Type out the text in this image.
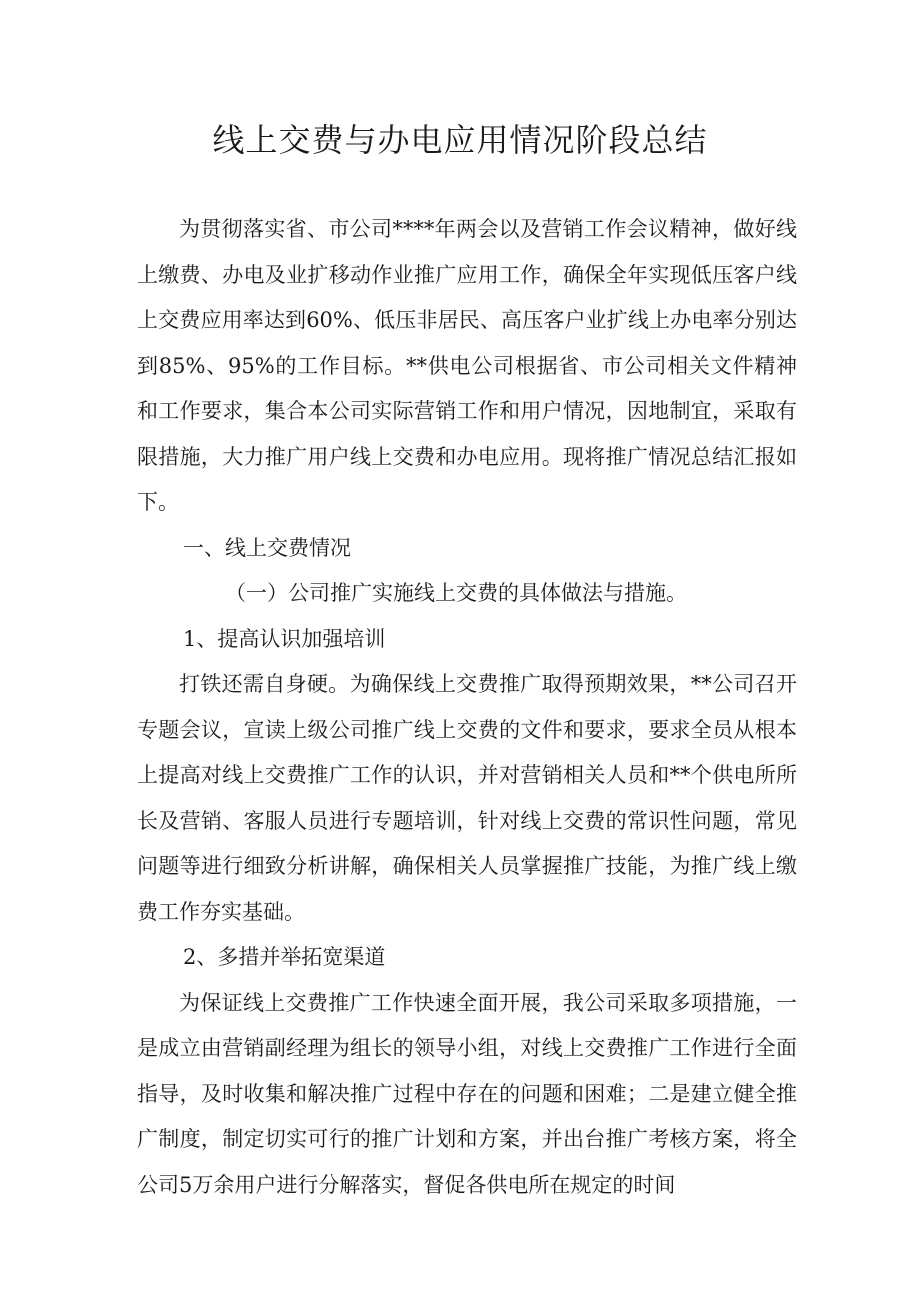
线上交费与办电应用情况阶段总结

为贯彻落实省、市公司****年两会以及营销工作会议精神，做好线上缴费、办电及业扩移动作业推广应用工作，确保全年实现低压客户线上交费应用率达到60%、低压非居民、高压客户业扩线上办电率分别达到85%、95%的工作目标。**供电公司根据省、市公司相关文件精神和工作要求，集合本公司实际营销工作和用户情况，因地制宜，采取有限措施，大力推广用户线上交费和办电应用。现将推广情况总结汇报如下。

一、线上交费情况

（一）公司推广实施线上交费的具体做法与措施。

1、提高认识加强培训

打铁还需自身硬。为确保线上交费推广取得预期效果，**公司召开专题会议，宣读上级公司推广线上交费的文件和要求，要求全员从根本上提高对线上交费推广工作的认识，并对营销相关人员和**个供电所所长及营销、客服人员进行专题培训，针对线上交费的常识性问题，常见问题等进行细致分析讲解，确保相关人员掌握推广技能，为推广线上缴费工作夯实基础。

2、多措并举拓宽渠道

为保证线上交费推广工作快速全面开展，我公司采取多项措施，一是成立由营销副经理为组长的领导小组，对线上交费推广工作进行全面指导，及时收集和解决推广过程中存在的问题和困难；二是建立健全推广制度，制定切实可行的推广计划和方案，并出台推广考核方案，将全公司5万余用户进行分解落实，督促各供电所在规定的时间
